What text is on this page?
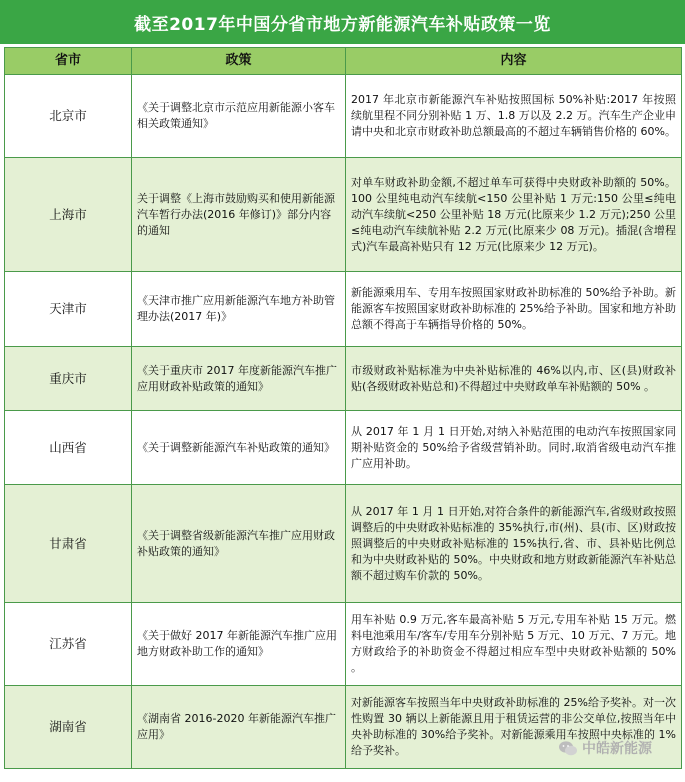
截至2017年中国分省市地方新能源汽车补贴政策一览
省市	政策	内容
北京市	《关于调整北京市示范应用新能源小客车相关政策通知》	2017 年北京市新能源汽车补贴按照国标 50%补贴:2017 年按照续航里程不同分别补贴 1 万、1.8 万以及 2.2 万。汽车生产企业申请中央和北京市财政补助总额最高的不超过车辆销售价格的 60%。
上海市	关于调整《上海市鼓励购买和使用新能源汽车暂行办法(2016 年修订)》部分内容的通知	对单车财政补助金额,不超过单车可获得中央财政补助额的 50%。100 公里纯电动汽车续航<150 公里补贴 1 万元:150 公里≤纯电动汽车续航<250 公里补贴 18 万元(比原来少 1.2 万元);250 公里≤纯电动汽车续航补贴 2.2 万元(比原来少 08 万元)。插混(含增程式)汽车最高补贴只有 12 万元(比原来少 12 万元)。
天津市	《天津市推广应用新能源汽车地方补助管理办法(2017 年)》	新能源乘用车、专用车按照国家财政补助标准的 50%给予补助。新能源客车按照国家财政补助标准的 25%给予补助。国家和地方补助总额不得高于车辆指导价格的 50%。
重庆市	《关于重庆市 2017 年度新能源汽车推广应用财政补贴政策的通知》	市级财政补贴标准为中央补贴标准的 46%以内,市、区(县)财政补贴(各级财政补贴总和)不得超过中央财政单车补贴额的 50% 。
山西省	《关于调整新能源汽车补贴政策的通知》	从 2017 年 1 月 1 日开始,对纳入补贴范围的电动汽车按照国家同期补贴资金的 50%给予省级营销补助。同时,取消省级电动汽车推广应用补助。
甘肃省	《关于调整省级新能源汽车推广应用财政补贴政策的通知》	从 2017 年 1 月 1 日开始,对符合条件的新能源汽车,省级财政按照调整后的中央财政补贴标准的 35%执行,市(州)、县(市、区)财政按照调整后的中央财政补贴标准的 15%执行,省、市、县补贴比例总和为中央财政补贴的 50%。中央财政和地方财政新能源汽车补贴总额不超过购车价款的 50%。
江苏省	《关于做好 2017 年新能源汽车推广应用地方财政补助工作的通知》	用车补贴 0.9 万元,客车最高补贴 5 万元,专用车补贴 15 万元。燃料电池乘用车/客车/专用车分别补贴 5 万元、10 万元、7 万元。地方财政给予的补助资金不得超过相应车型中央财政补贴额的 50% 。
湖南省	《湖南省 2016-2020 年新能源汽车推广应用》	对新能源客车按照当年中央财政补助标准的 25%给予奖补。对一次性购置 30 辆以上新能源且用于租赁运营的非公交单位,按照当年中央补助标准的 30%给予奖补。对新能源乘用车按照中央标准的 1%给予奖补。	中皓新能源
